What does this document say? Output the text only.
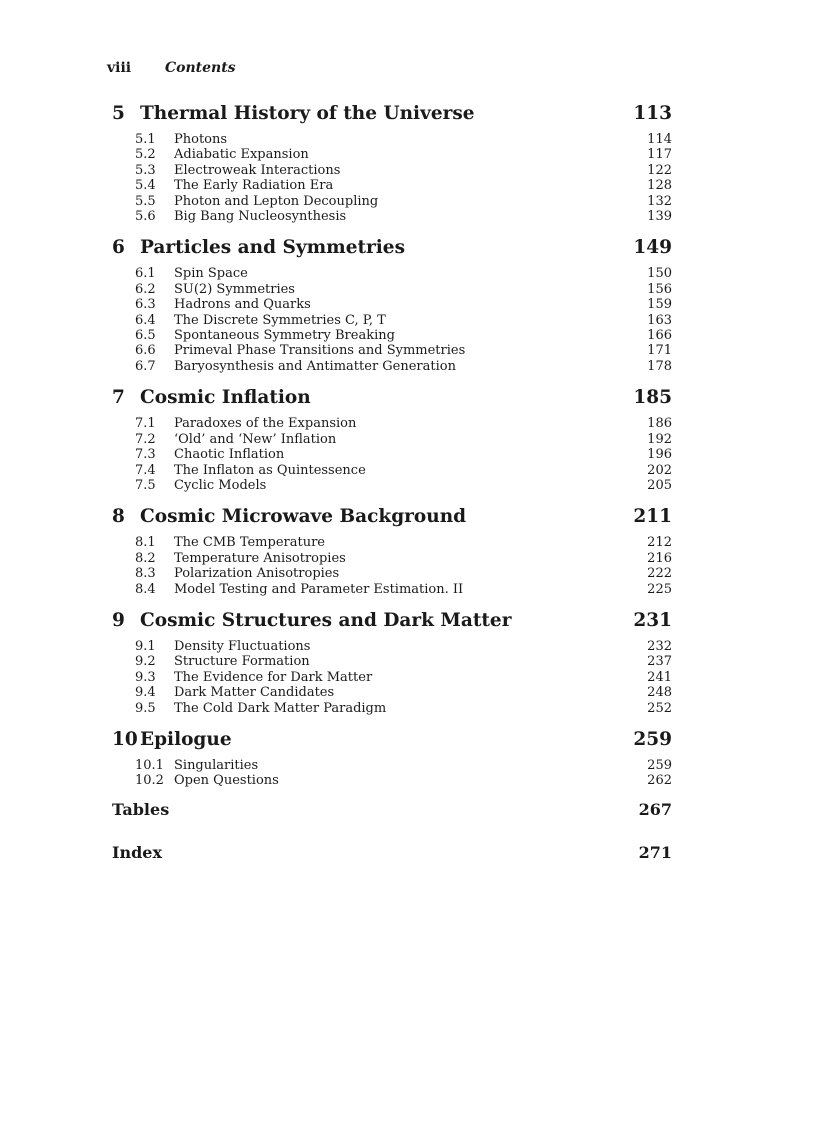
viii Contents
5 Thermal History of the Universe	113
5.1	Photons	114
5.2	Adiabatic Expansion	117
5.3	Electroweak Interactions	122
5.4	The Early Radiation Era	128
5.5	Photon and Lepton Decoupling	132
5.6	Big Bang Nucleosynthesis	139
6 Particles and Symmetries	149
6.1	Spin Space	150
6.2	SU(2) Symmetries	156
6.3	Hadrons and Quarks	159
6.4	The Discrete Symmetries C, P, T	163
6.5	Spontaneous Symmetry Breaking	166
6.6	Primeval Phase Transitions and Symmetries	171
6.7	Baryosynthesis and Antimatter Generation	178
7 Cosmic Inflation	185
7.1	Paradoxes of the Expansion	186
7.2	‘Old’ and ‘New’ Inflation	192
7.3	Chaotic Inflation	196
7.4	The Inflaton as Quintessence	202
7.5	Cyclic Models	205
8 Cosmic Microwave Background	211
8.1	The CMB Temperature	212
8.2	Temperature Anisotropies	216
8.3	Polarization Anisotropies	222
8.4	Model Testing and Parameter Estimation. II	225
9 Cosmic Structures and Dark Matter	231
9.1	Density Fluctuations	232
9.2	Structure Formation	237
9.3	The Evidence for Dark Matter	241
9.4	Dark Matter Candidates	248
9.5	The Cold Dark Matter Paradigm	252
10 Epilogue	259
10.1 Singularities	259
10.2 Open Questions	262
Tables	267
Index	271
